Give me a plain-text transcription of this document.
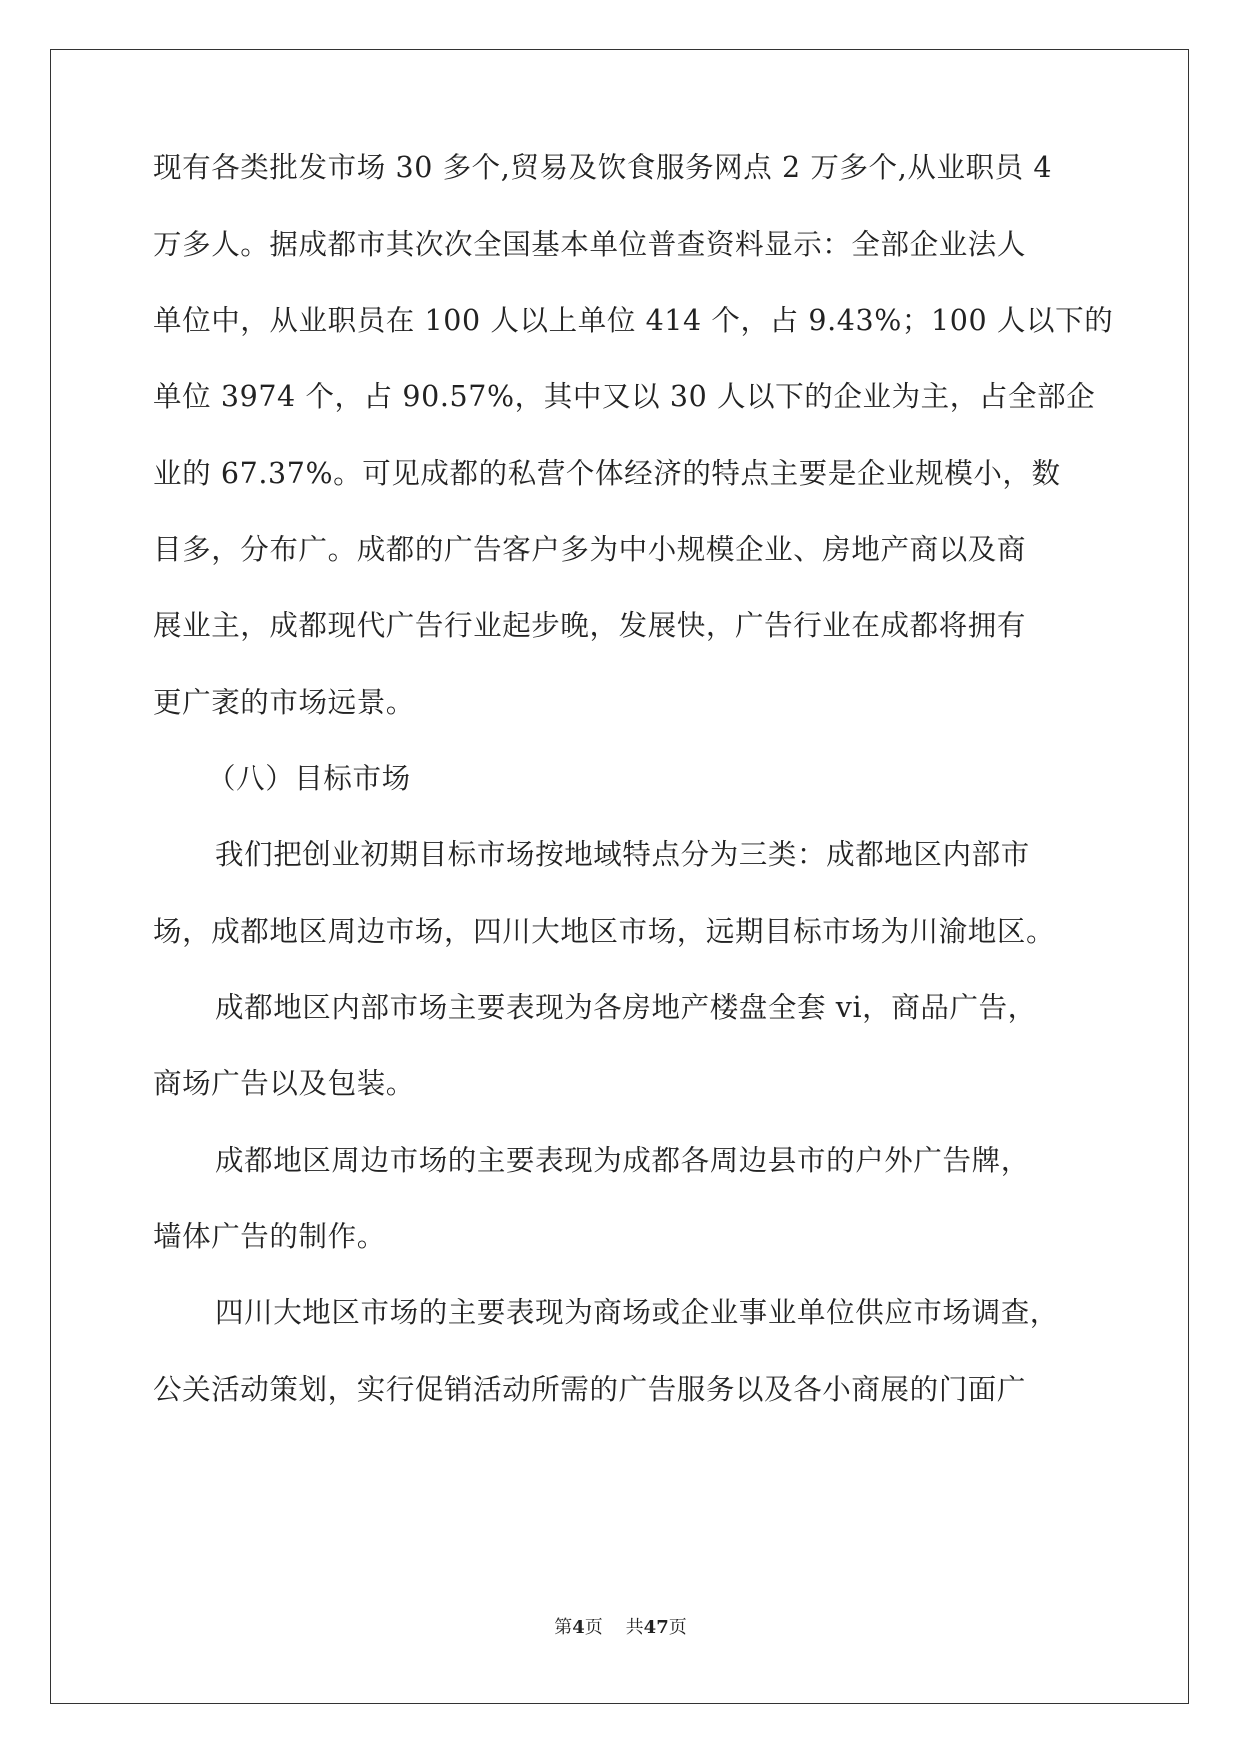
现有各类批发市场 30 多个,贸易及饮食服务网点 2 万多个,从业职员 4
万多人。据成都市其次次全国基本单位普查资料显示：全部企业法人
单位中，从业职员在 100 人以上单位 414 个，占 9.43%；100 人以下的
单位 3974 个，占 90.57%，其中又以 30 人以下的企业为主，占全部企
业的 67.37%。可见成都的私营个体经济的特点主要是企业规模小，数
目多，分布广。成都的广告客户多为中小规模企业、房地产商以及商
展业主，成都现代广告行业起步晚，发展快，广告行业在成都将拥有
更广袤的市场远景。
（八）目标市场
我们把创业初期目标市场按地域特点分为三类：成都地区内部市
场，成都地区周边市场，四川大地区市场，远期目标市场为川渝地区。
成都地区内部市场主要表现为各房地产楼盘全套 vi，商品广告，
商场广告以及包装。
成都地区周边市场的主要表现为成都各周边县市的户外广告牌，
墙体广告的制作。
四川大地区市场的主要表现为商场或企业事业单位供应市场调查，
公关活动策划，实行促销活动所需的广告服务以及各小商展的门面广
第4页 共47页
